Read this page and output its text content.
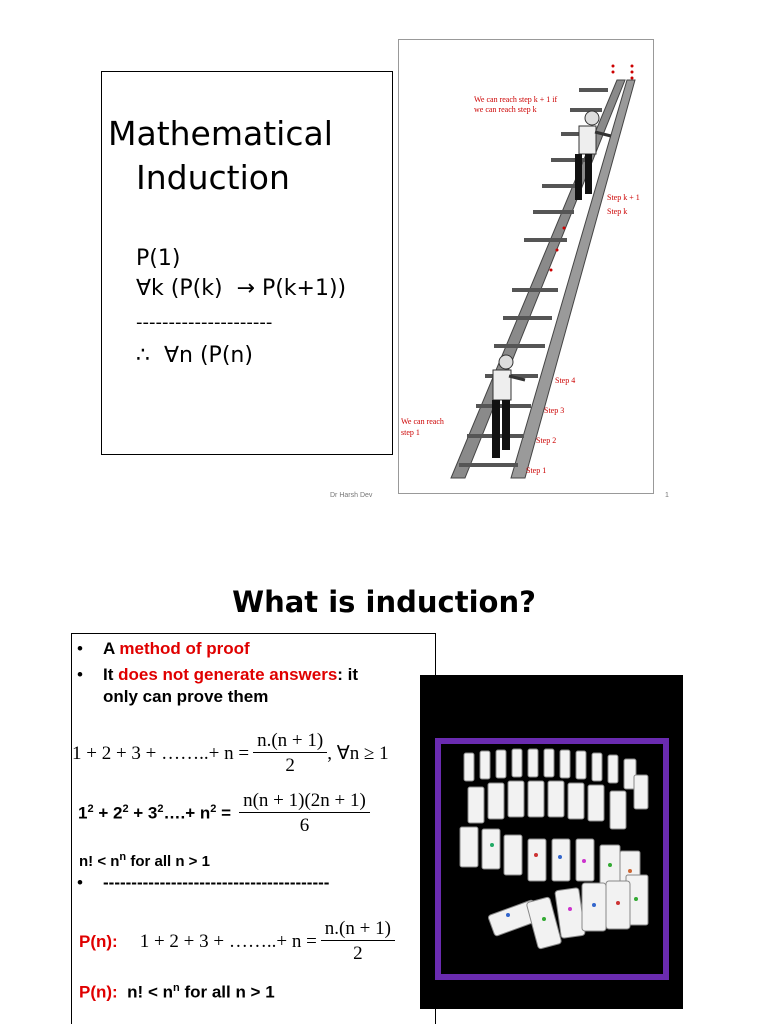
Mathematical
Induction
P(1)
∀k (P(k)  → P(k+1))
---------------------
∴  ∀n (P(n)
We can reach step k + 1 if
we can reach step k
Step k + 1
Step k
Step 4
Step 3
Step 2
Step 1
We can reach
step 1
Dr Harsh Dev	1
What is induction?
• A method of proof
• It does not generate answers: it
only can prove them
1 + 2 + 3 + ……..+ $n = \frac{n.(n + 1)}{2}$ , ∀n ≥ 1
$1^2 + 2^2$ + $3^2\dots.+ n^2 = \frac{n(n + 1)(2n + 1)}{6}$
n! < $n^n$ for all n > 1
• ----------------------------------------
P(n): 1 + 2 + 3 + ……..+ $n = \frac{n.(n + 1)}{2}$
P(n): n! < $n^n$ for all n > 1
